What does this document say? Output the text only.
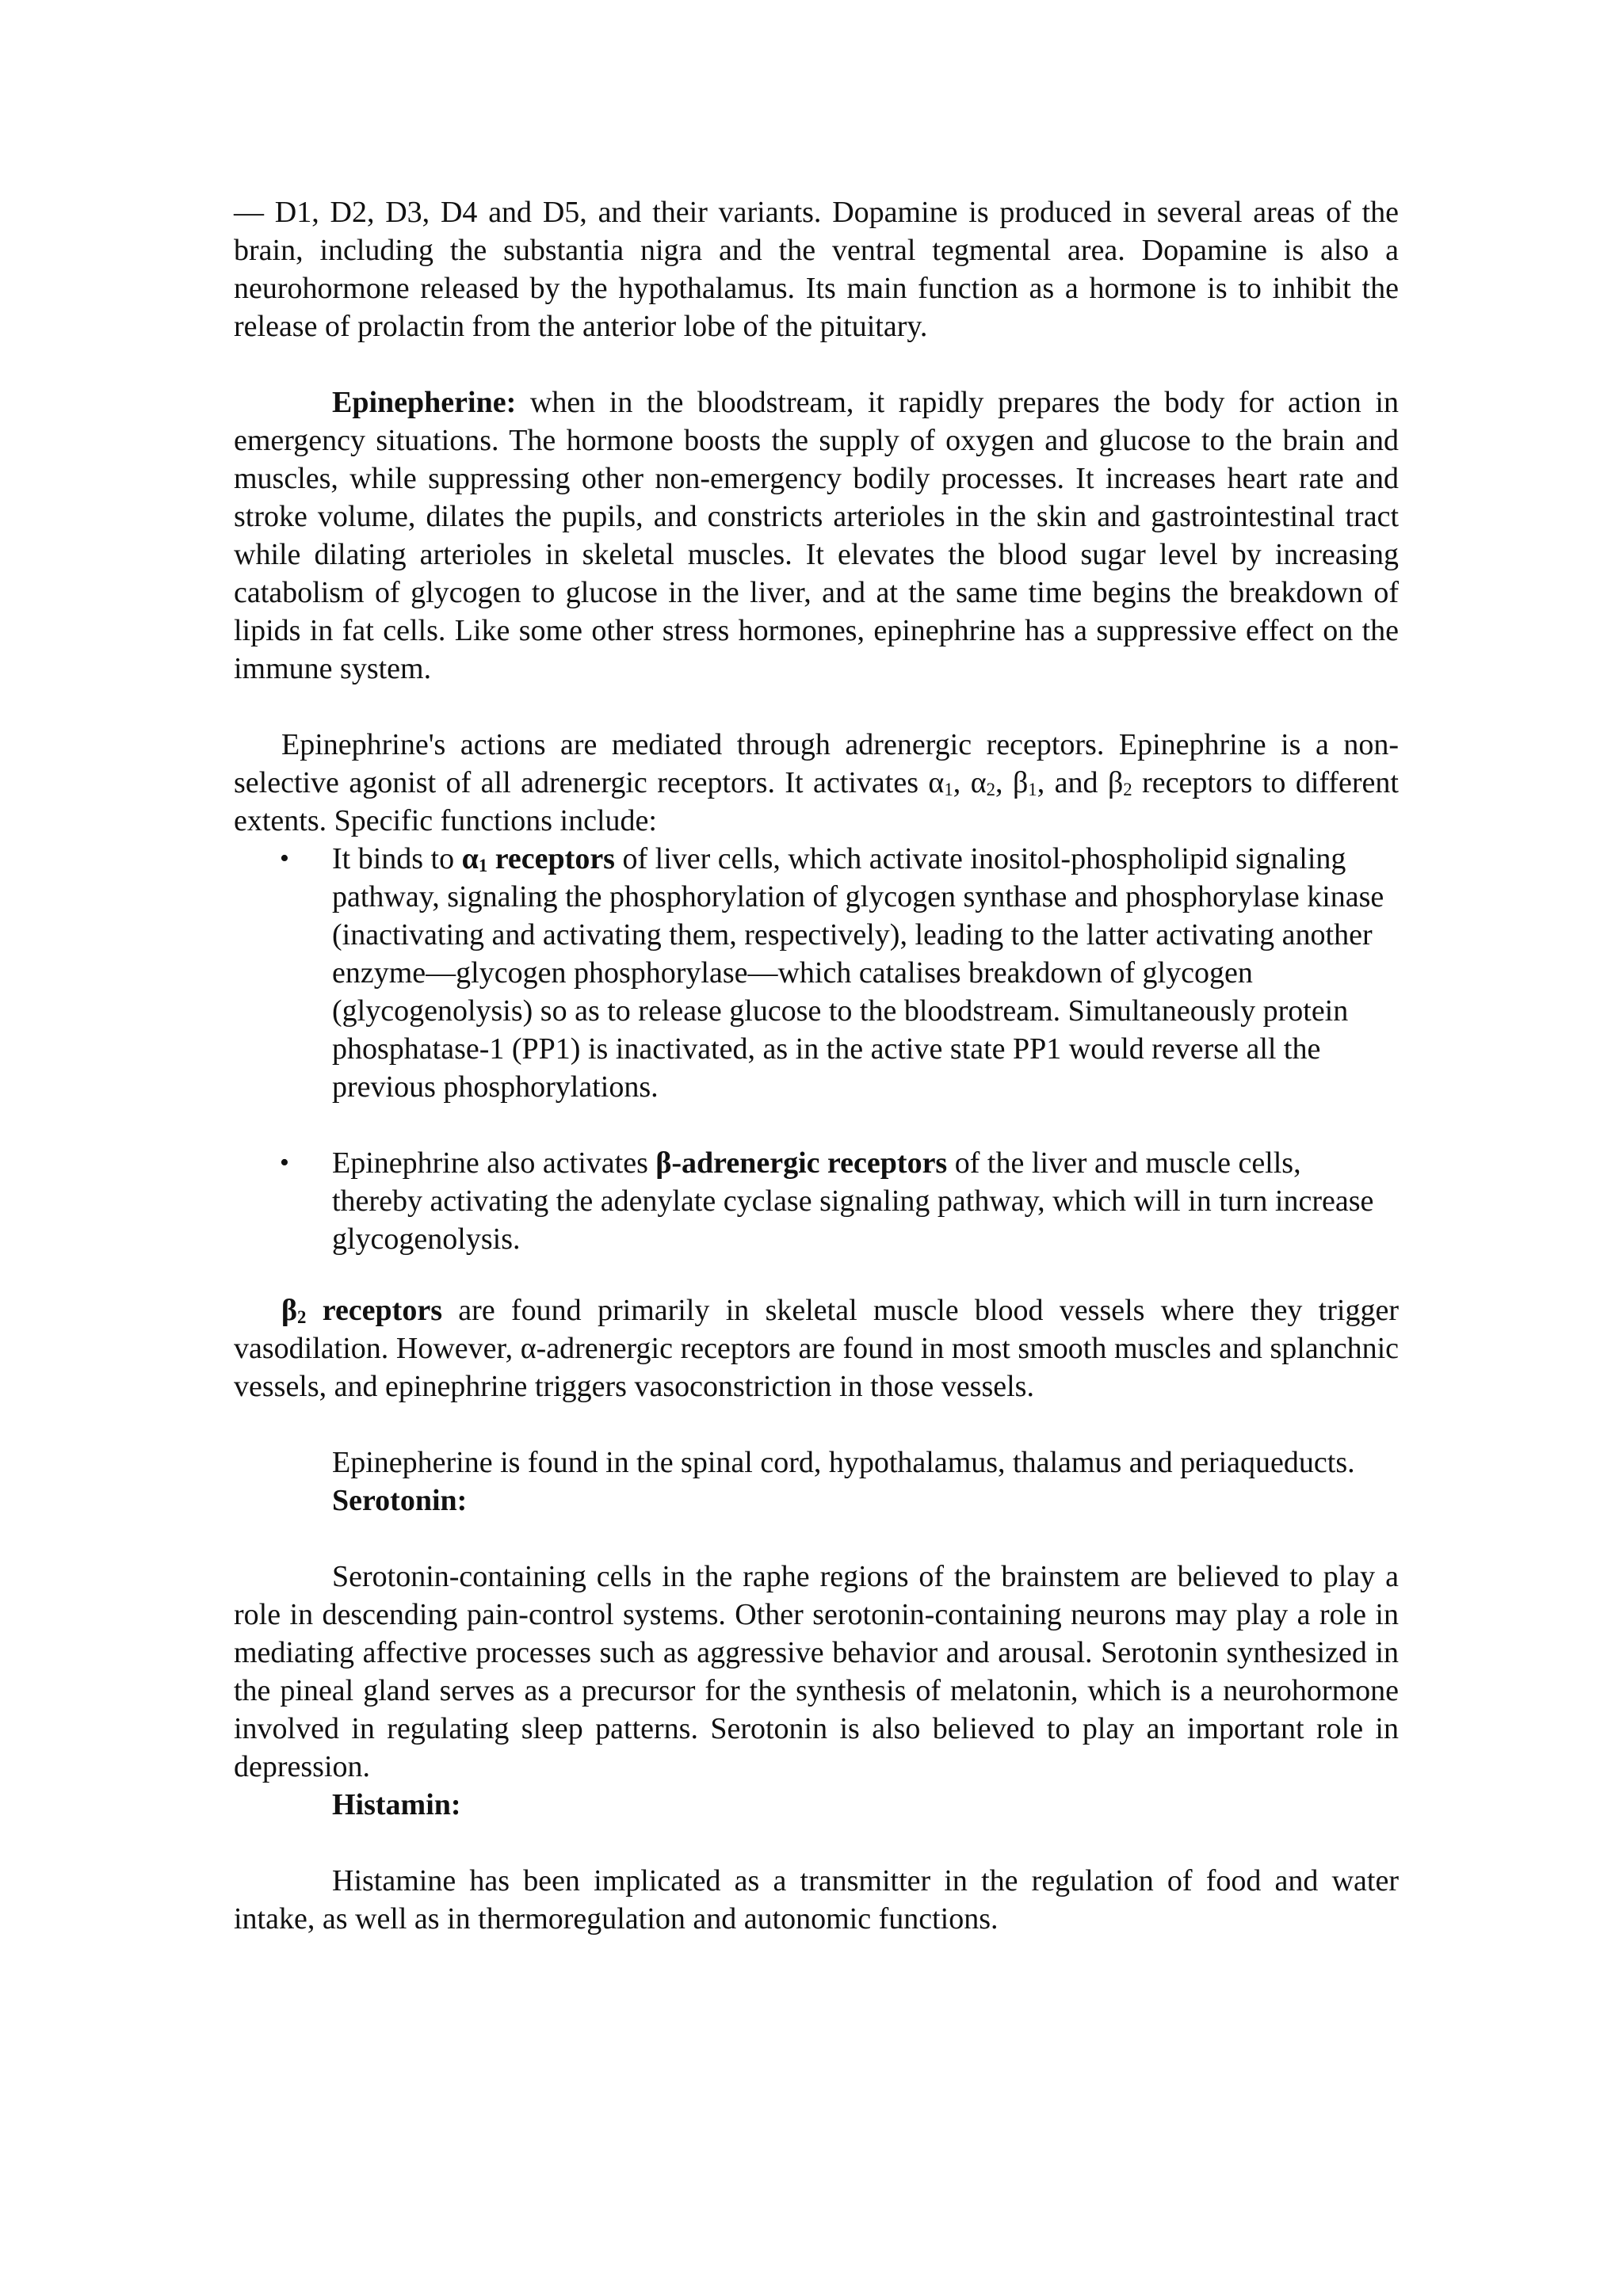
— D1, D2, D3, D4 and D5, and their variants. Dopamine is produced in several areas of the brain, including the substantia nigra and the ventral tegmental area. Dopamine is also a neurohormone released by the hypothalamus. Its main function as a hormone is to inhibit the release of prolactin from the anterior lobe of the pituitary.

Epinepherine: when in the bloodstream, it rapidly prepares the body for action in emergency situations. The hormone boosts the supply of oxygen and glucose to the brain and muscles, while suppressing other non-emergency bodily processes. It increases heart rate and stroke volume, dilates the pupils, and constricts arterioles in the skin and gastrointestinal tract while dilating arterioles in skeletal muscles. It elevates the blood sugar level by increasing catabolism of glycogen to glucose in the liver, and at the same time begins the breakdown of lipids in fat cells. Like some other stress hormones, epinephrine has a suppressive effect on the immune system.

Epinephrine's actions are mediated through adrenergic receptors. Epinephrine is a non-selective agonist of all adrenergic receptors. It activates $\alpha_1$, $\alpha_2$, $\beta_1$, and $\beta_2$ receptors to different extents. Specific functions include:

• It binds to $\alpha_1$ receptors of liver cells, which activate inositol-phospholipid signaling pathway, signaling the phosphorylation of glycogen synthase and phosphorylase kinase (inactivating and activating them, respectively), leading to the latter activating another enzyme—glycogen phosphorylase—which catalises breakdown of glycogen (glycogenolysis) so as to release glucose to the bloodstream. Simultaneously protein phosphatase-1 (PP1) is inactivated, as in the active state PP1 would reverse all the previous phosphorylations.
• Epinephrine also activates β-adrenergic receptors of the liver and muscle cells, thereby activating the adenylate cyclase signaling pathway, which will in turn increase glycogenolysis.

$\beta_2$ receptors are found primarily in skeletal muscle blood vessels where they trigger vasodilation. However, α-adrenergic receptors are found in most smooth muscles and splanchnic vessels, and epinephrine triggers vasoconstriction in those vessels.

Epinepherine is found in the spinal cord, hypothalamus, thalamus and periaqueducts.

Serotonin:

Serotonin-containing cells in the raphe regions of the brainstem are believed to play a role in descending pain-control systems. Other serotonin-containing neurons may play a role in mediating affective processes such as aggressive behavior and arousal. Serotonin synthesized in the pineal gland serves as a precursor for the synthesis of melatonin, which is a neurohormone involved in regulating sleep patterns. Serotonin is also believed to play an important role in depression.

Histamin:

Histamine has been implicated as a transmitter in the regulation of food and water intake, as well as in thermoregulation and autonomic functions.
